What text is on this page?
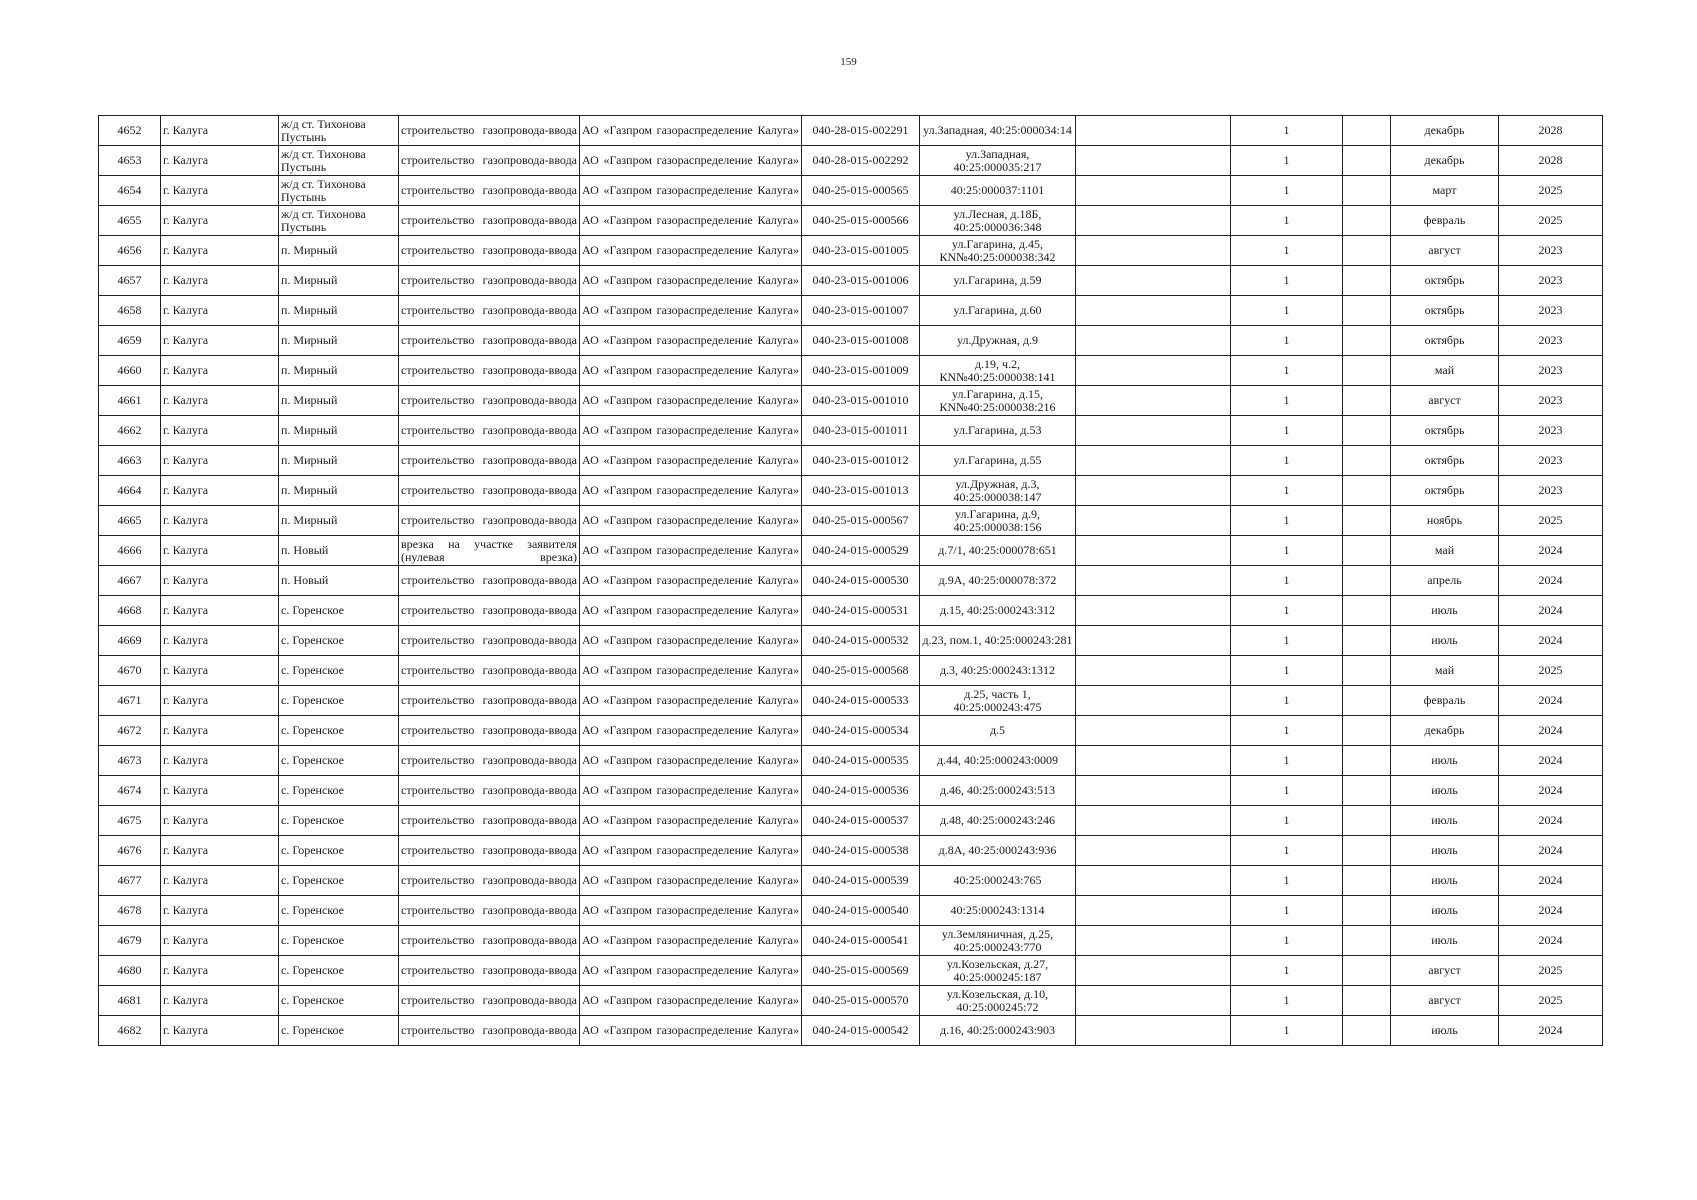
159
4652	г. Калуга	ж/д ст. Тихонова Пустынь	строительство газопровода-ввода	АО «Газпром газораспределение Калуга»	040-28-015-002291	ул.Западная, 40:25:000034:14		1		декабрь	2028
4653	г. Калуга	ж/д ст. Тихонова Пустынь	строительство газопровода-ввода	АО «Газпром газораспределение Калуга»	040-28-015-002292	ул.Западная, 40:25:000035:217		1		декабрь	2028
4654	г. Калуга	ж/д ст. Тихонова Пустынь	строительство газопровода-ввода	АО «Газпром газораспределение Калуга»	040-25-015-000565	40:25:000037:1101		1		март	2025
4655	г. Калуга	ж/д ст. Тихонова Пустынь	строительство газопровода-ввода	АО «Газпром газораспределение Калуга»	040-25-015-000566	ул.Лесная, д.18Б, 40:25:000036:348		1		февраль	2025
4656	г. Калуга	п. Мирный	строительство газопровода-ввода	АО «Газпром газораспределение Калуга»	040-23-015-001005	ул.Гагарина, д.45, КN№40:25:000038:342		1		август	2023
4657	г. Калуга	п. Мирный	строительство газопровода-ввода	АО «Газпром газораспределение Калуга»	040-23-015-001006	ул.Гагарина, д.59		1		октябрь	2023
4658	г. Калуга	п. Мирный	строительство газопровода-ввода	АО «Газпром газораспределение Калуга»	040-23-015-001007	ул.Гагарина, д.60		1		октябрь	2023
4659	г. Калуга	п. Мирный	строительство газопровода-ввода	АО «Газпром газораспределение Калуга»	040-23-015-001008	ул.Дружная, д.9		1		октябрь	2023
4660	г. Калуга	п. Мирный	строительство газопровода-ввода	АО «Газпром газораспределение Калуга»	040-23-015-001009	д.19, ч.2, КN№40:25:000038:141		1		май	2023
4661	г. Калуга	п. Мирный	строительство газопровода-ввода	АО «Газпром газораспределение Калуга»	040-23-015-001010	ул.Гагарина, д.15, КN№40:25:000038:216		1		август	2023
4662	г. Калуга	п. Мирный	строительство газопровода-ввода	АО «Газпром газораспределение Калуга»	040-23-015-001011	ул.Гагарина, д.53		1		октябрь	2023
4663	г. Калуга	п. Мирный	строительство газопровода-ввода	АО «Газпром газораспределение Калуга»	040-23-015-001012	ул.Гагарина, д.55		1		октябрь	2023
4664	г. Калуга	п. Мирный	строительство газопровода-ввода	АО «Газпром газораспределение Калуга»	040-23-015-001013	ул.Дружная, д.3, 40:25:000038:147		1		октябрь	2023
4665	г. Калуга	п. Мирный	строительство газопровода-ввода	АО «Газпром газораспределение Калуга»	040-25-015-000567	ул.Гагарина, д.9, 40:25:000038:156		1		ноябрь	2025
4666	г. Калуга	п. Новый	врезка на участке заявителя (нулевая врезка)	АО «Газпром газораспределение Калуга»	040-24-015-000529	д.7/1, 40:25:000078:651		1		май	2024
4667	г. Калуга	п. Новый	строительство газопровода-ввода	АО «Газпром газораспределение Калуга»	040-24-015-000530	д.9А, 40:25:000078:372		1		апрель	2024
4668	г. Калуга	с. Горенское	строительство газопровода-ввода	АО «Газпром газораспределение Калуга»	040-24-015-000531	д.15, 40:25:000243:312		1		июль	2024
4669	г. Калуга	с. Горенское	строительство газопровода-ввода	АО «Газпром газораспределение Калуга»	040-24-015-000532	д.23, пом.1, 40:25:000243:281		1		июль	2024
4670	г. Калуга	с. Горенское	строительство газопровода-ввода	АО «Газпром газораспределение Калуга»	040-25-015-000568	д.3, 40:25:000243:1312		1		май	2025
4671	г. Калуга	с. Горенское	строительство газопровода-ввода	АО «Газпром газораспределение Калуга»	040-24-015-000533	д.25, часть 1, 40:25:000243:475		1		февраль	2024
4672	г. Калуга	с. Горенское	строительство газопровода-ввода	АО «Газпром газораспределение Калуга»	040-24-015-000534	д.5		1		декабрь	2024
4673	г. Калуга	с. Горенское	строительство газопровода-ввода	АО «Газпром газораспределение Калуга»	040-24-015-000535	д.44, 40:25:000243:0009		1		июль	2024
4674	г. Калуга	с. Горенское	строительство газопровода-ввода	АО «Газпром газораспределение Калуга»	040-24-015-000536	д.46, 40:25:000243:513		1		июль	2024
4675	г. Калуга	с. Горенское	строительство газопровода-ввода	АО «Газпром газораспределение Калуга»	040-24-015-000537	д.48, 40:25:000243:246		1		июль	2024
4676	г. Калуга	с. Горенское	строительство газопровода-ввода	АО «Газпром газораспределение Калуга»	040-24-015-000538	д.8А, 40:25:000243:936		1		июль	2024
4677	г. Калуга	с. Горенское	строительство газопровода-ввода	АО «Газпром газораспределение Калуга»	040-24-015-000539	40:25:000243:765		1		июль	2024
4678	г. Калуга	с. Горенское	строительство газопровода-ввода	АО «Газпром газораспределение Калуга»	040-24-015-000540	40:25:000243:1314		1		июль	2024
4679	г. Калуга	с. Горенское	строительство газопровода-ввода	АО «Газпром газораспределение Калуга»	040-24-015-000541	ул.Земляничная, д.25, 40:25:000243:770		1		июль	2024
4680	г. Калуга	с. Горенское	строительство газопровода-ввода	АО «Газпром газораспределение Калуга»	040-25-015-000569	ул.Козельская, д.27, 40:25:000245:187		1		август	2025
4681	г. Калуга	с. Горенское	строительство газопровода-ввода	АО «Газпром газораспределение Калуга»	040-25-015-000570	ул.Козельская, д.10, 40:25:000245:72		1		август	2025
4682	г. Калуга	с. Горенское	строительство газопровода-ввода	АО «Газпром газораспределение Калуга»	040-24-015-000542	д.16, 40:25:000243:903		1		июль	2024
